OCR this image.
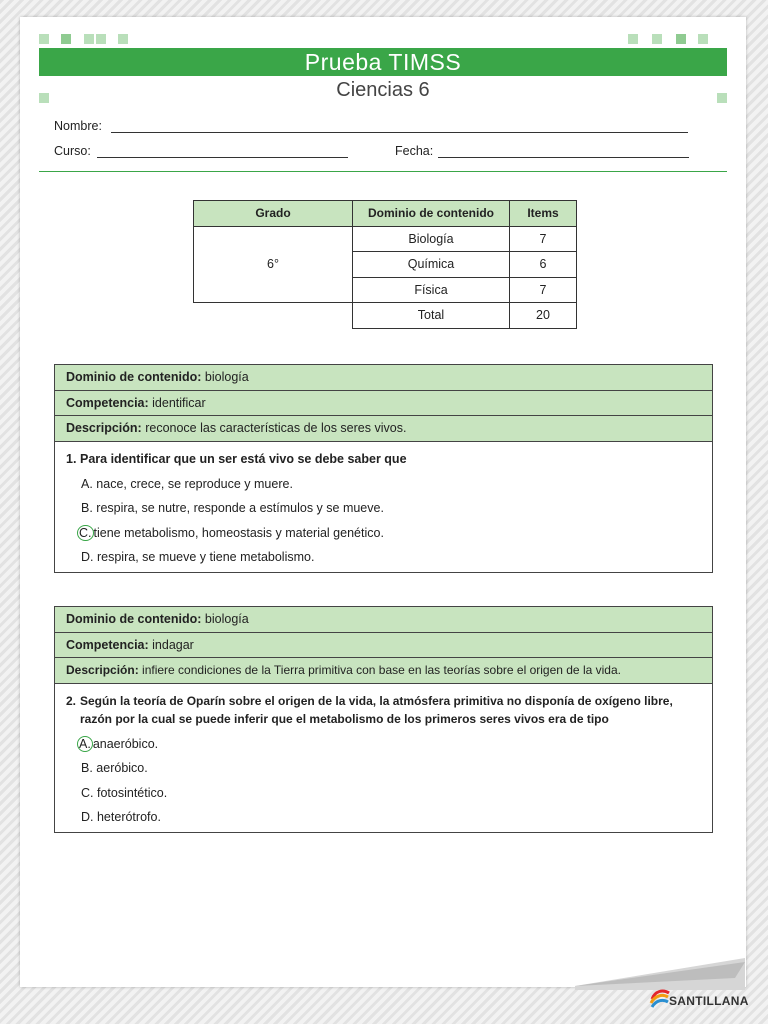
Prueba TIMSS
Ciencias 6
Nombre:
Curso:	Fecha:
Grado	Dominio de contenido	Items
6°	Biología	7
	Química	6
	Física	7
	Total	20
Dominio de contenido: biología
Competencia: identificar
Descripción: reconoce las características de los seres vivos.
1. Para identificar que un ser está vivo se debe saber que
A. nace, crece, se reproduce y muere.
B. respira, se nutre, responde a estímulos y se mueve.
C. tiene metabolismo, homeostasis y material genético.
D. respira, se mueve y tiene metabolismo.
Dominio de contenido: biología
Competencia: indagar
Descripción: infiere condiciones de la Tierra primitiva con base en las teorías sobre el origen de la vida.
2. Según la teoría de Oparín sobre el origen de la vida, la atmósfera primitiva no disponía de oxígeno libre,
razón por la cual se puede inferir que el metabolismo de los primeros seres vivos era de tipo
A. anaeróbico.
B. aeróbico.
C. fotosintético.
D. heterótrofo.
SANTILLANA
